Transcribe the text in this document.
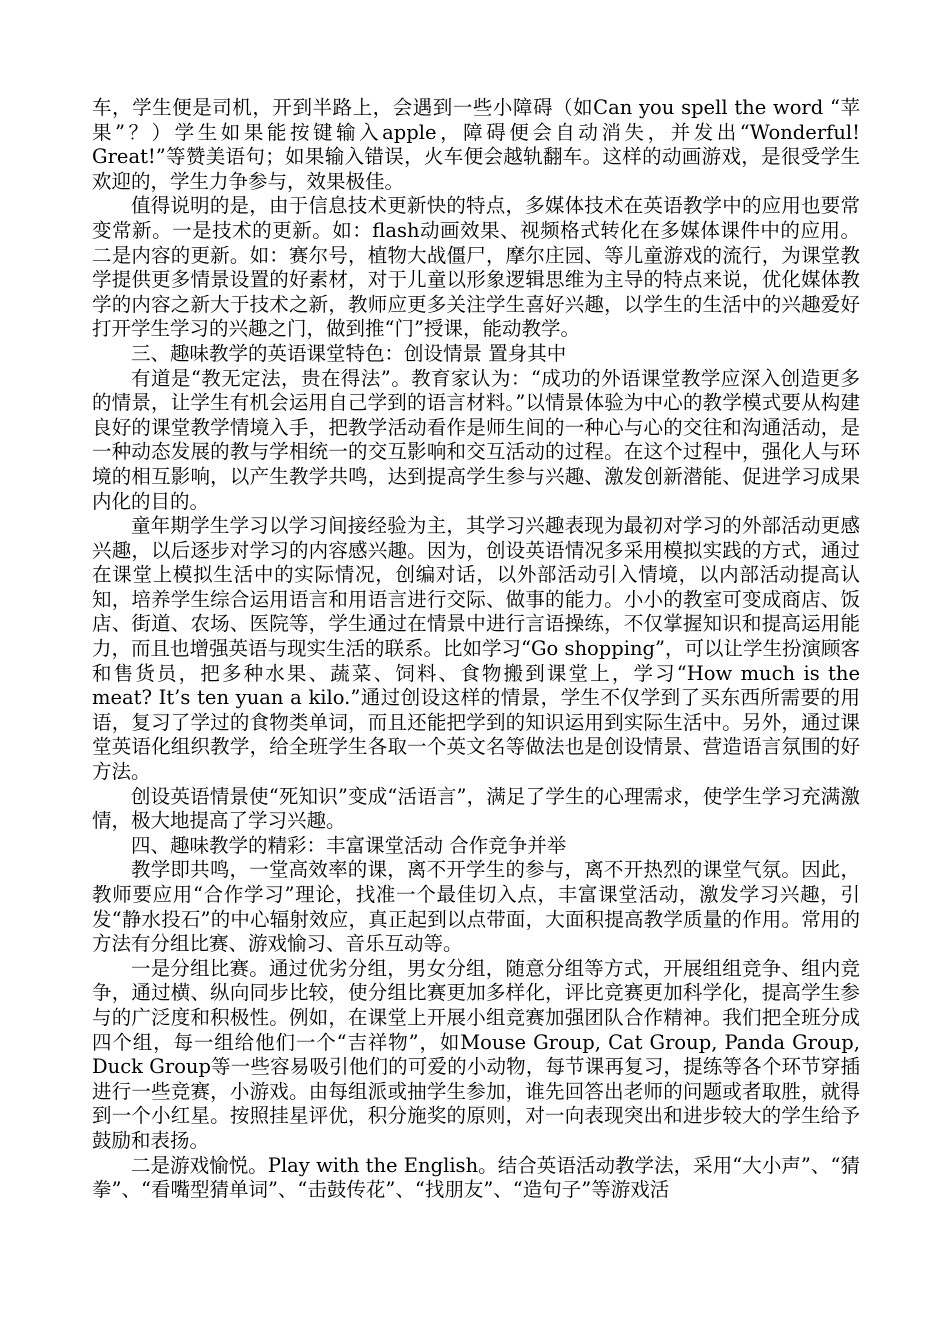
车，学生便是司机，开到半路上，会遇到一些小障碍（如Can you spell the word “苹果”？）学生如果能按键输入apple，障碍便会自动消失，并发出“Wonderful! Great!”等赞美语句；如果输入错误，火车便会越轨翻车。这样的动画游戏，是很受学生欢迎的，学生力争参与，效果极佳。

值得说明的是，由于信息技术更新快的特点，多媒体技术在英语教学中的应用也要常变常新。一是技术的更新。如：flash动画效果、视频格式转化在多媒体课件中的应用。二是内容的更新。如：赛尔号，植物大战僵尸，摩尔庄园、等儿童游戏的流行，为课堂教学提供更多情景设置的好素材，对于儿童以形象逻辑思维为主导的特点来说，优化媒体教学的内容之新大于技术之新，教师应更多关注学生喜好兴趣，以学生的生活中的兴趣爱好打开学生学习的兴趣之门，做到推“门”授课，能动教学。

三、趣味教学的英语课堂特色：创设情景 置身其中

有道是“教无定法，贵在得法”。教育家认为：“成功的外语课堂教学应深入创造更多的情景，让学生有机会运用自己学到的语言材料。”以情景体验为中心的教学模式要从构建良好的课堂教学情境入手，把教学活动看作是师生间的一种心与心的交往和沟通活动，是一种动态发展的教与学相统一的交互影响和交互活动的过程。在这个过程中，强化人与环境的相互影响，以产生教学共鸣，达到提高学生参与兴趣、激发创新潜能、促进学习成果内化的目的。

童年期学生学习以学习间接经验为主，其学习兴趣表现为最初对学习的外部活动更感兴趣，以后逐步对学习的内容感兴趣。因为，创设英语情况多采用模拟实践的方式，通过在课堂上模拟生活中的实际情况，创编对话，以外部活动引入情境，以内部活动提高认知，培养学生综合运用语言和用语言进行交际、做事的能力。小小的教室可变成商店、饭店、街道、农场、医院等，学生通过在情景中进行言语操练，不仅掌握知识和提高运用能力，而且也增强英语与现实生活的联系。比如学习“Go shopping”，可以让学生扮演顾客和售货员，把多种水果、蔬菜、饲料、食物搬到课堂上，学习“How much is the meat? It’s ten yuan a kilo.”通过创设这样的情景，学生不仅学到了买东西所需要的用语，复习了学过的食物类单词，而且还能把学到的知识运用到实际生活中。另外，通过课堂英语化组织教学，给全班学生各取一个英文名等做法也是创设情景、营造语言氛围的好方法。

创设英语情景使“死知识”变成“活语言”，满足了学生的心理需求，使学生学习充满激情，极大地提高了学习兴趣。

四、趣味教学的精彩：丰富课堂活动 合作竞争并举

教学即共鸣，一堂高效率的课，离不开学生的参与，离不开热烈的课堂气氛。因此，教师要应用“合作学习”理论，找准一个最佳切入点，丰富课堂活动，激发学习兴趣，引发“静水投石”的中心辐射效应，真正起到以点带面，大面积提高教学质量的作用。常用的方法有分组比赛、游戏愉习、音乐互动等。

一是分组比赛。通过优劣分组，男女分组，随意分组等方式，开展组组竞争、组内竞争，通过横、纵向同步比较，使分组比赛更加多样化，评比竞赛更加科学化，提高学生参与的广泛度和积极性。例如，在课堂上开展小组竞赛加强团队合作精神。我们把全班分成四个组，每一组给他们一个“吉祥物”，如Mouse Group, Cat Group, Panda Group, Duck Group等一些容易吸引他们的可爱的小动物，每节课再复习，提练等各个环节穿插进行一些竞赛，小游戏。由每组派或抽学生参加，谁先回答出老师的问题或者取胜，就得到一个小红星。按照挂星评优，积分施奖的原则，对一向表现突出和进步较大的学生给予鼓励和表扬。

二是游戏愉悦。Play with the English。结合英语活动教学法，采用“大小声”、“猜拳”、“看嘴型猜单词”、“击鼓传花”、“找朋友”、“造句子”等游戏活
